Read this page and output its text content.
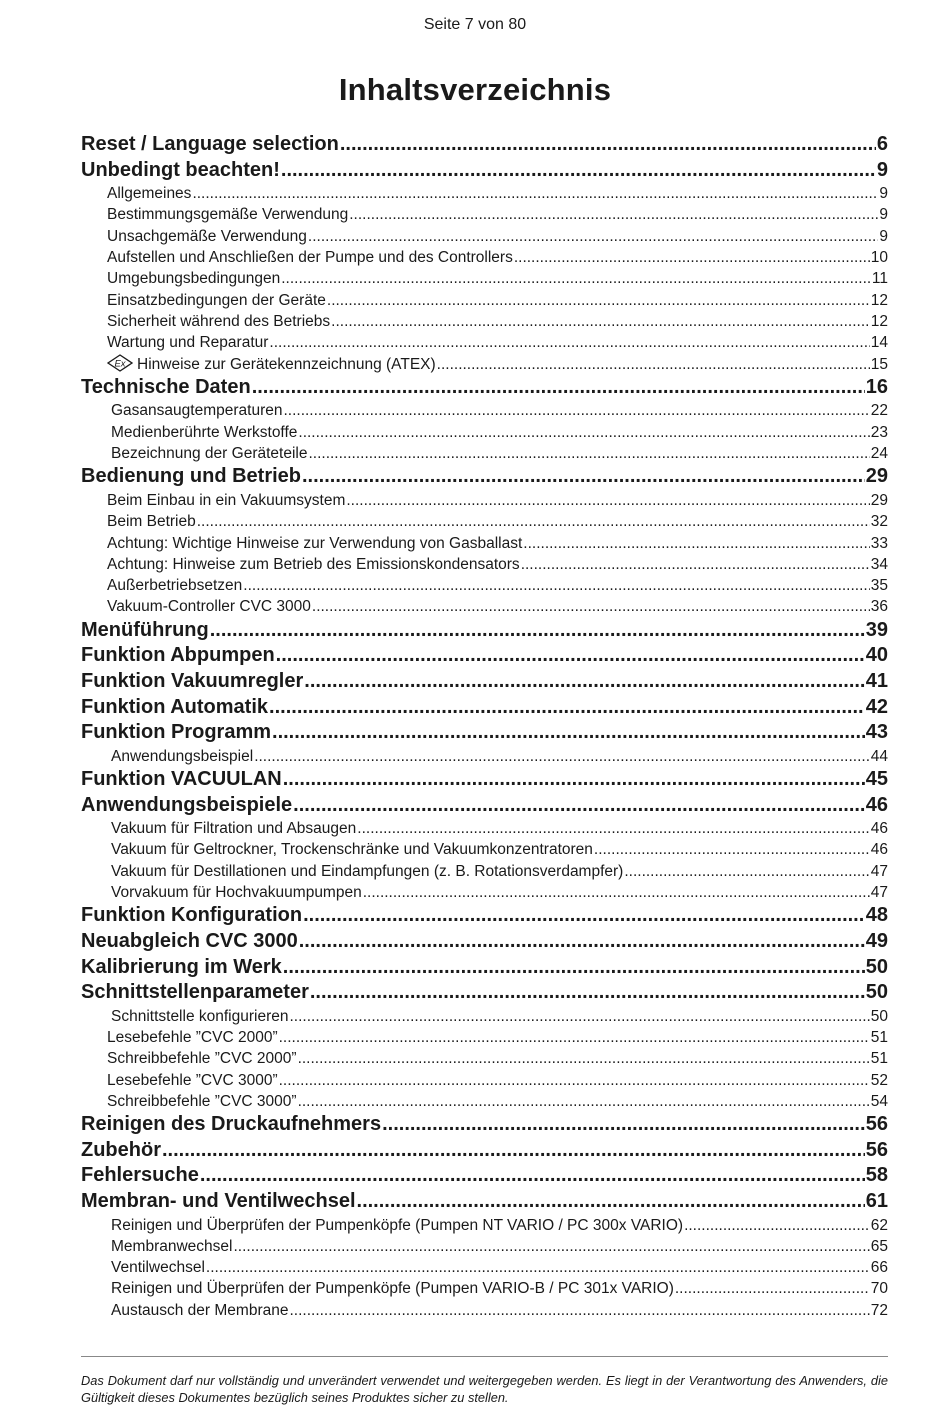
Seite 7 von 80
Inhaltsverzeichnis
Reset / Language selection .....	6
Unbedingt beachten! .....	9
Allgemeines .....	9
Bestimmungsgemäße Verwendung .....	9
Unsachgemäße Verwendung .....	9
Aufstellen und Anschließen der Pumpe und des Controllers .....	10
Umgebungsbedingungen .....	11
Einsatzbedingungen der Geräte .....	12
Sicherheit während des Betriebs .....	12
Wartung und Reparatur .....	14
Ex Hinweise zur Gerätekennzeichnung (ATEX) .....	15
Technische Daten .....	16
Gasansaugtemperaturen .....	22
Medienberührte Werkstoffe .....	23
Bezeichnung der Geräteteile .....	24
Bedienung und Betrieb .....	29
Beim Einbau in ein Vakuumsystem .....	29
Beim Betrieb .....	32
Achtung: Wichtige Hinweise zur Verwendung von Gasballast .....	33
Achtung: Hinweise zum Betrieb des Emissionskondensators .....	34
Außerbetriebsetzen .....	35
Vakuum-Controller CVC 3000 .....	36
Menüführung .....	39
Funktion Abpumpen .....	40
Funktion Vakuumregler .....	41
Funktion Automatik .....	42
Funktion Programm .....	43
Anwendungsbeispiel .....	44
Funktion VACUULAN .....	45
Anwendungsbeispiele .....	46
Vakuum für Filtration und Absaugen .....	46
Vakuum für Geltrockner, Trockenschränke und Vakuumkonzentratoren .....	46
Vakuum für Destillationen und Eindampfungen (z. B. Rotationsverdampfer) .....	47
Vorvakuum für Hochvakuumpumpen .....	47
Funktion Konfiguration .....	48
Neuabgleich CVC 3000 .....	49
Kalibrierung im Werk .....	50
Schnittstellenparameter .....	50
Schnittstelle konfigurieren .....	50
Lesebefehle ”CVC 2000” .....	51
Schreibbefehle ”CVC 2000” .....	51
Lesebefehle ”CVC 3000” .....	52
Schreibbefehle ”CVC 3000” .....	54
Reinigen des Druckaufnehmers .....	56
Zubehör .....	56
Fehlersuche .....	58
Membran- und Ventilwechsel .....	61
Reinigen und Überprüfen der Pumpenköpfe (Pumpen NT VARIO / PC 300x VARIO) .....	62
Membranwechsel .....	65
Ventilwechsel .....	66
Reinigen und Überprüfen der Pumpenköpfe (Pumpen VARIO-B / PC 301x VARIO) .....	70
Austausch der Membrane .....	72
Das Dokument darf nur vollständig und unverändert verwendet und weitergegeben werden. Es liegt in der Verantwortung des Anwenders, die Gültigkeit dieses Dokumentes bezüglich seines Produktes sicher zu stellen.
